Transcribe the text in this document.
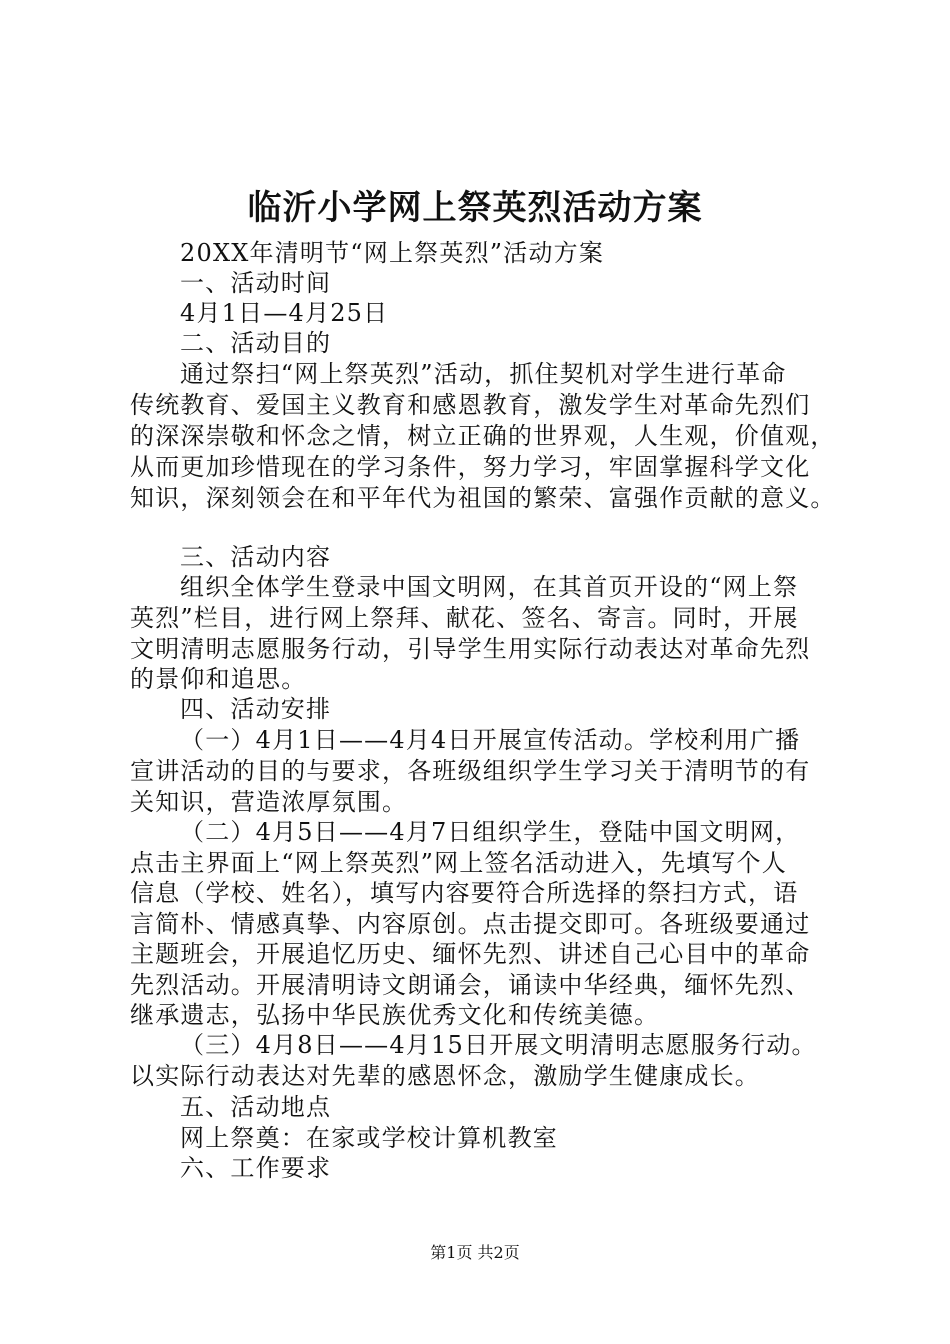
临沂小学网上祭英烈活动方案
20XX年清明节“网上祭英烈”活动方案
一、活动时间
4月1日—4月25日
二、活动目的
通过祭扫“网上祭英烈”活动，抓住契机对学生进行革命
传统教育、爱国主义教育和感恩教育，激发学生对革命先烈们
的深深崇敬和怀念之情，树立正确的世界观，人生观，价值观，
从而更加珍惜现在的学习条件，努力学习，牢固掌握科学文化
知识，深刻领会在和平年代为祖国的繁荣、富强作贡献的意义。
三、活动内容
组织全体学生登录中国文明网，在其首页开设的“网上祭
英烈”栏目，进行网上祭拜、献花、签名、寄言。同时，开展
文明清明志愿服务行动，引导学生用实际行动表达对革命先烈
的景仰和追思。
四、活动安排
（一）4月1日——4月4日开展宣传活动。学校利用广播
宣讲活动的目的与要求，各班级组织学生学习关于清明节的有
关知识，营造浓厚氛围。
（二）4月5日——4月7日组织学生，登陆中国文明网，
点击主界面上“网上祭英烈”网上签名活动进入，先填写个人
信息（学校、姓名），填写内容要符合所选择的祭扫方式，语
言简朴、情感真挚、内容原创。点击提交即可。各班级要通过
主题班会，开展追忆历史、缅怀先烈、讲述自己心目中的革命
先烈活动。开展清明诗文朗诵会，诵读中华经典，缅怀先烈、
继承遗志，弘扬中华民族优秀文化和传统美德。
（三）4月8日——4月15日开展文明清明志愿服务行动。
以实际行动表达对先辈的感恩怀念，激励学生健康成长。
五、活动地点
网上祭奠：在家或学校计算机教室
六、工作要求
第1页 共2页
